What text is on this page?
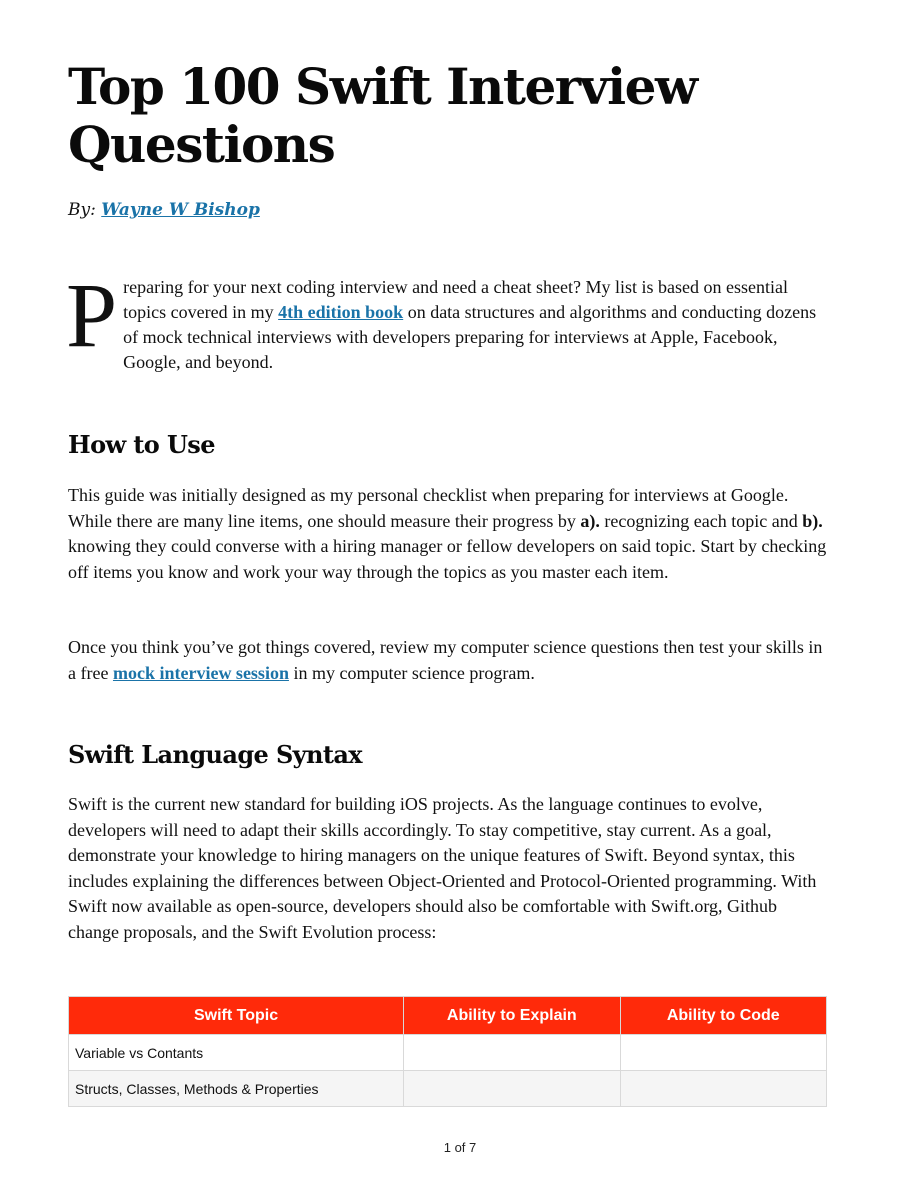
Top 100 Swift Interview Questions
By: Wayne W Bishop
Preparing for your next coding interview and need a cheat sheet? My list is based on essential topics covered in my 4th edition book on data structures and algorithms and conducting dozens of mock technical interviews with developers preparing for interviews at Apple, Facebook, Google, and beyond.
How to Use

This guide was initially designed as my personal checklist when preparing for interviews at Google. While there are many line items, one should measure their progress by a). recognizing each topic and b). knowing they could converse with a hiring manager or fellow developers on said topic. Start by checking off items you know and work your way through the topics as you master each item.

Once you think you’ve got things covered, review my computer science questions then test your skills in a free mock interview session in my computer science program.

Swift Language Syntax

Swift is the current new standard for building iOS projects. As the language continues to evolve, developers will need to adapt their skills accordingly. To stay competitive, stay current. As a goal, demonstrate your knowledge to hiring managers on the unique features of Swift. Beyond syntax, this includes explaining the differences between Object-Oriented and Protocol-Oriented programming. With Swift now available as open-source, developers should also be comfortable with Swift.org, Github change proposals, and the Swift Evolution process:

Swift Topic	Ability to Explain	Ability to Code
Variable vs Contants		
Structs, Classes, Methods & Properties		
1 of 7
